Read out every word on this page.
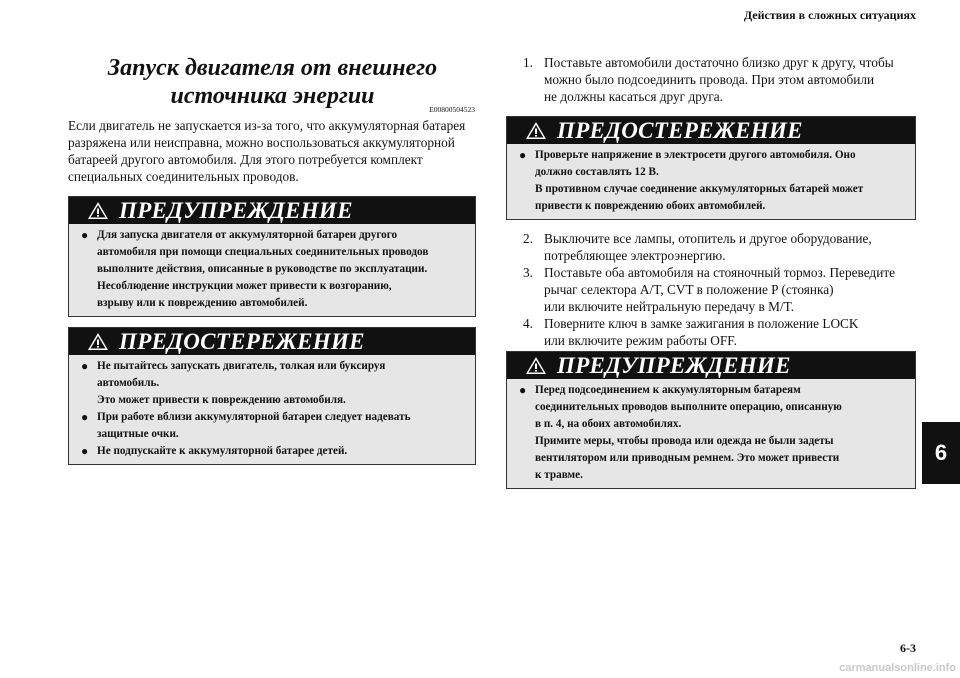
Действия в сложных ситуациях
Запуск двигателя от внешнего
источника энергии
E00800504523
Если двигатель не запускается из-за того, что аккумуляторная батарея разряжена или неисправна, можно воспользоваться аккумуляторной батареей другого автомобиля. Для этого потребуется комплект специальных соединительных проводов.
ПРЕДУПРЕЖДЕНИЕ
● Для запуска двигателя от аккумуляторной батареи другого
автомобиля при помощи специальных соединительных проводов
выполните действия, описанные в руководстве по эксплуатации.
Несоблюдение инструкции может привести к возгоранию,
взрыву или к повреждению автомобилей.
ПРЕДОСТЕРЕЖЕНИЕ
● Не пытайтесь запускать двигатель, толкая или буксируя
автомобиль.
Это может привести к повреждению автомобиля.
● При работе вблизи аккумуляторной батареи следует надевать
защитные очки.
● Не подпускайте к аккумуляторной батарее детей.
1. Поставьте автомобили достаточно близко друг к другу, чтобы
можно было подсоединить провода. При этом автомобили
не должны касаться друг друга.
ПРЕДОСТЕРЕЖЕНИЕ
● Проверьте напряжение в электросети другого автомобиля. Оно
должно составлять 12 В.
В противном случае соединение аккумуляторных батарей может
привести к повреждению обоих автомобилей.
2. Выключите все лампы, отопитель и другое оборудование,
потребляющее электроэнергию.
3. Поставьте оба автомобиля на стояночный тормоз. Переведите
рычаг селектора A/T, CVT в положение P (стоянка)
или включите нейтральную передачу в M/T.
4. Поверните ключ в замке зажигания в положение LOCK
или включите режим работы OFF.
ПРЕДУПРЕЖДЕНИЕ
● Перед подсоединением к аккумуляторным батареям
соединительных проводов выполните операцию, описанную
в п. 4, на обоих автомобилях.
Примите меры, чтобы провода или одежда не были задеты
вентилятором или приводным ремнем. Это может привести
к травме.
6
6-3
carmanualsonline.info
